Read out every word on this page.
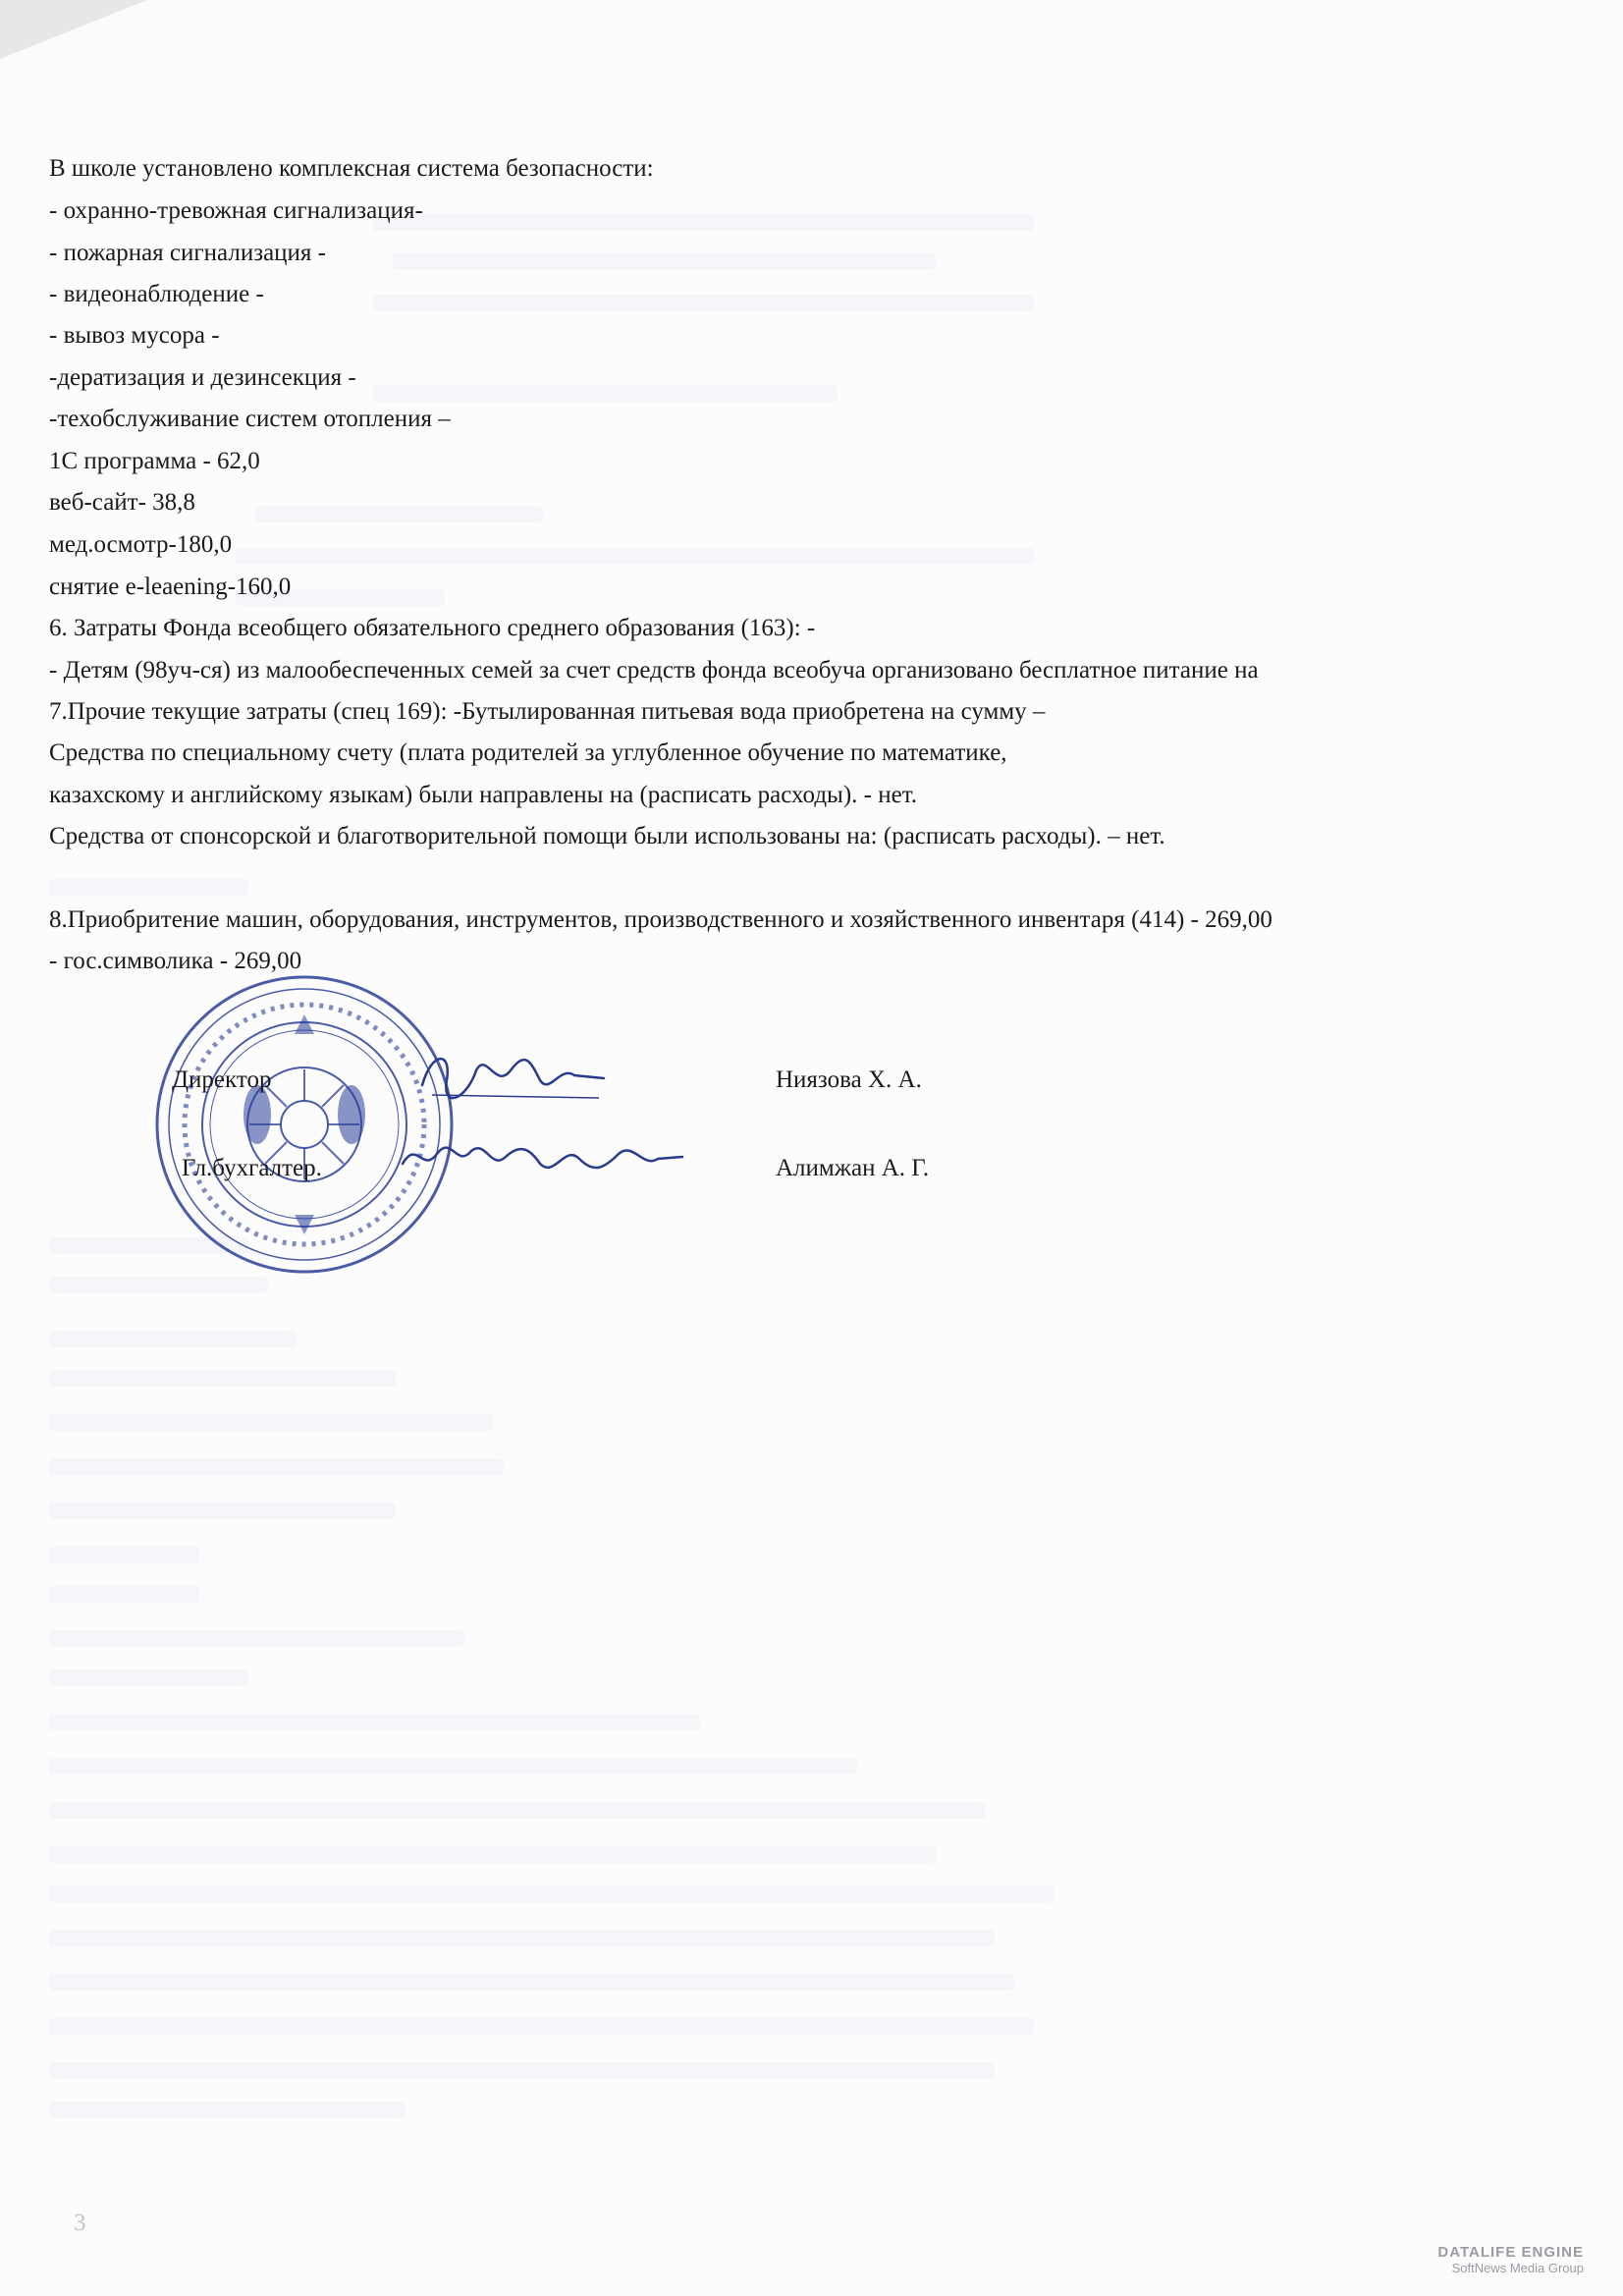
В школе установлено комплексная система безопасности:
- охранно-тревожная сигнализация-
- пожарная сигнализация -
- видеонаблюдение -
- вывоз мусора -
-дератизация и дезинсекция -
-техобслуживание систем отопления –
1С программа - 62,0
веб-сайт- 38,8
мед.осмотр-180,0
снятие e-leaening-160,0
6. Затраты Фонда всеобщего обязательного среднего образования (163): -
- Детям (98уч-ся) из малообеспеченных семей за счет средств фонда всеобуча организовано бесплатное питание на
7.Прочие текущие затраты (спец 169): -Бутылированная питьевая вода приобретена на сумму –
Средства по специальному счету (плата родителей за углубленное обучение по математике,
казахскому и английскому языкам) были направлены на (расписать расходы). - нет.
Средства от спонсорской и благотворительной помощи были использованы на: (расписать расходы). – нет.
8.Приобритение машин, оборудования, инструментов, производственного и хозяйственного инвентаря (414) - 269,00
- гос.символика - 269,00
Директор	Ниязова Х. А.
Гл.бухгалтер.	Алимжан А. Г.
3
DATALIFE ENGINE
SoftNews Media Group
